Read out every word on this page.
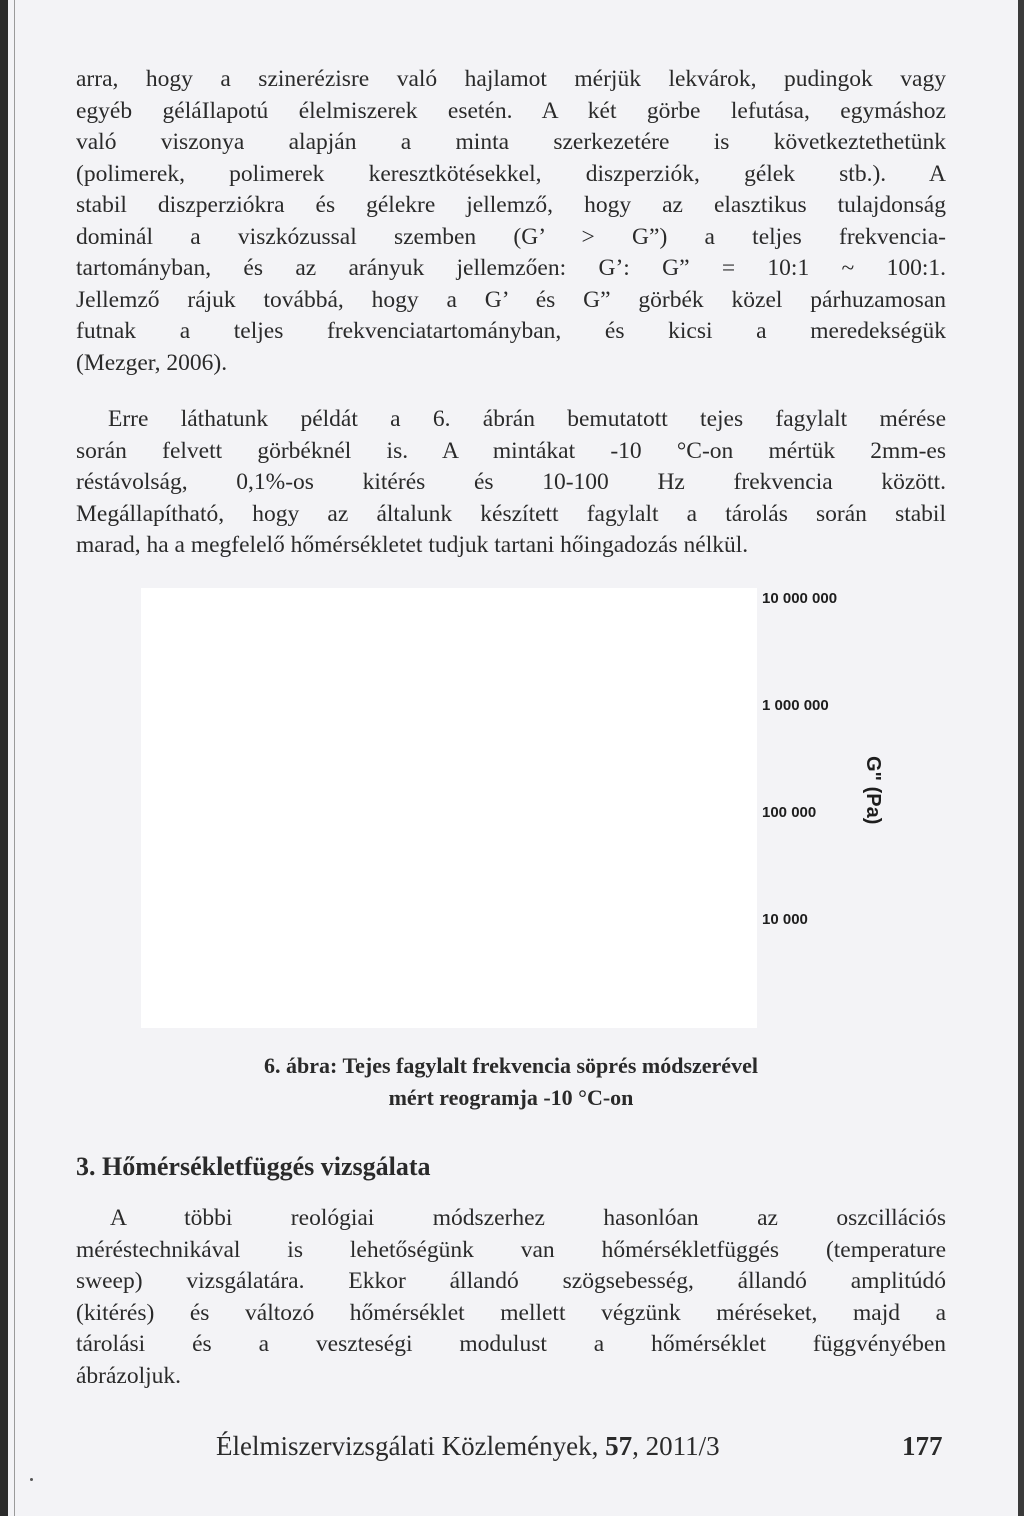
arra, hogy a szinerézisre való hajlamot mérjük lekvárok, pudingok vagy
egyéb géláIlapotú élelmiszerek esetén. A két görbe lefutása, egymáshoz
való viszonya alapján a minta szerkezetére is következtethetünk
(polimerek, polimerek keresztkötésekkel, diszperziók, gélek stb.). A
stabil diszperziókra és gélekre jellemző, hogy az elasztikus tulajdonság
dominál a viszkózussal szemben (G’ > G”) a teljes frekvencia-
tartományban, és az arányuk jellemzően: G’: G” = 10:1 ~ 100:1.
Jellemző rájuk továbbá, hogy a G’ és G” görbék közel párhuzamosan
futnak a teljes frekvenciatartományban, és kicsi a meredekségük
(Mezger, 2006).
Erre láthatunk példát a 6. ábrán bemutatott tejes fagylalt mérése
során felvett görbéknél is. A mintákat -10 °C-on mértük 2mm-es
réstávolság, 0,1%-os kitérés és 10-100 Hz frekvencia között.
Megállapítható, hogy az általunk készített fagylalt a tárolás során stabil
marad, ha a megfelelő hőmérsékletet tudjuk tartani hőingadozás nélkül.
10 000 000
1 000 000
100 000
10 000
G" (Pa)

6. ábra: Tejes fagylalt frekvencia söprés módszerével

mért reogramja -10 °C-on

3. Hőmérsékletfüggés vizsgálata
A többi reológiai módszerhez hasonlóan az oszcillációs
méréstechnikával is lehetőségünk van hőmérsékletfüggés (temperature
sweep) vizsgálatára. Ekkor állandó szögsebesség, állandó amplitúdó
(kitérés) és változó hőmérséklet mellett végzünk méréseket, majd a
tárolási és a veszteségi modulust a hőmérséklet függvényében
ábrázoljuk.
Élelmiszervizsgálati Közlemények, 57, 2011/3	177
